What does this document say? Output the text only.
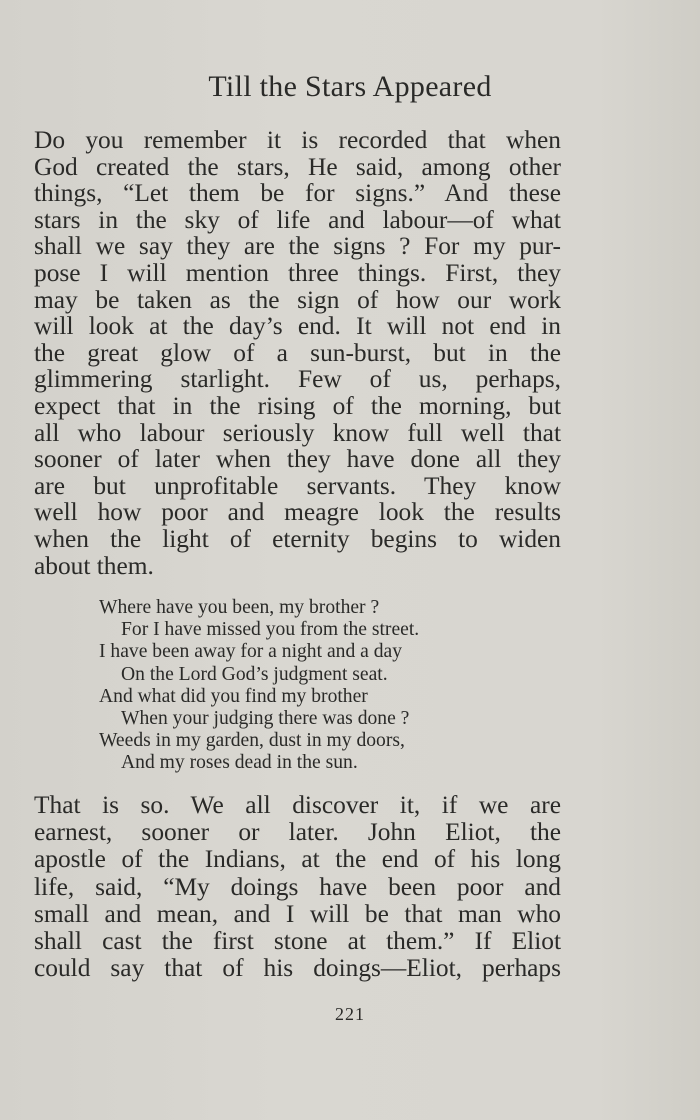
Till the Stars Appeared
Do you remember it is recorded that when
God created the stars, He said, among other
things, “Let them be for signs.” And these
stars in the sky of life and labour—of what
shall we say they are the signs ? For my pur-
pose I will mention three things. First, they
may be taken as the sign of how our work
will look at the day’s end. It will not end in
the great glow of a sun-burst, but in the
glimmering starlight. Few of us, perhaps,
expect that in the rising of the morning, but
all who labour seriously know full well that
sooner of later when they have done all they
are but unprofitable servants. They know
well how poor and meagre look the results
when the light of eternity begins to widen
about them.
Where have you been, my brother ?
For I have missed you from the street.
I have been away for a night and a day
On the Lord God’s judgment seat.
And what did you find my brother
When your judging there was done ?
Weeds in my garden, dust in my doors,
And my roses dead in the sun.
That is so. We all discover it, if we are
earnest, sooner or later. John Eliot, the
apostle of the Indians, at the end of his long
life, said, “My doings have been poor and
small and mean, and I will be that man who
shall cast the first stone at them.” If Eliot
could say that of his doings—Eliot, perhaps
221
